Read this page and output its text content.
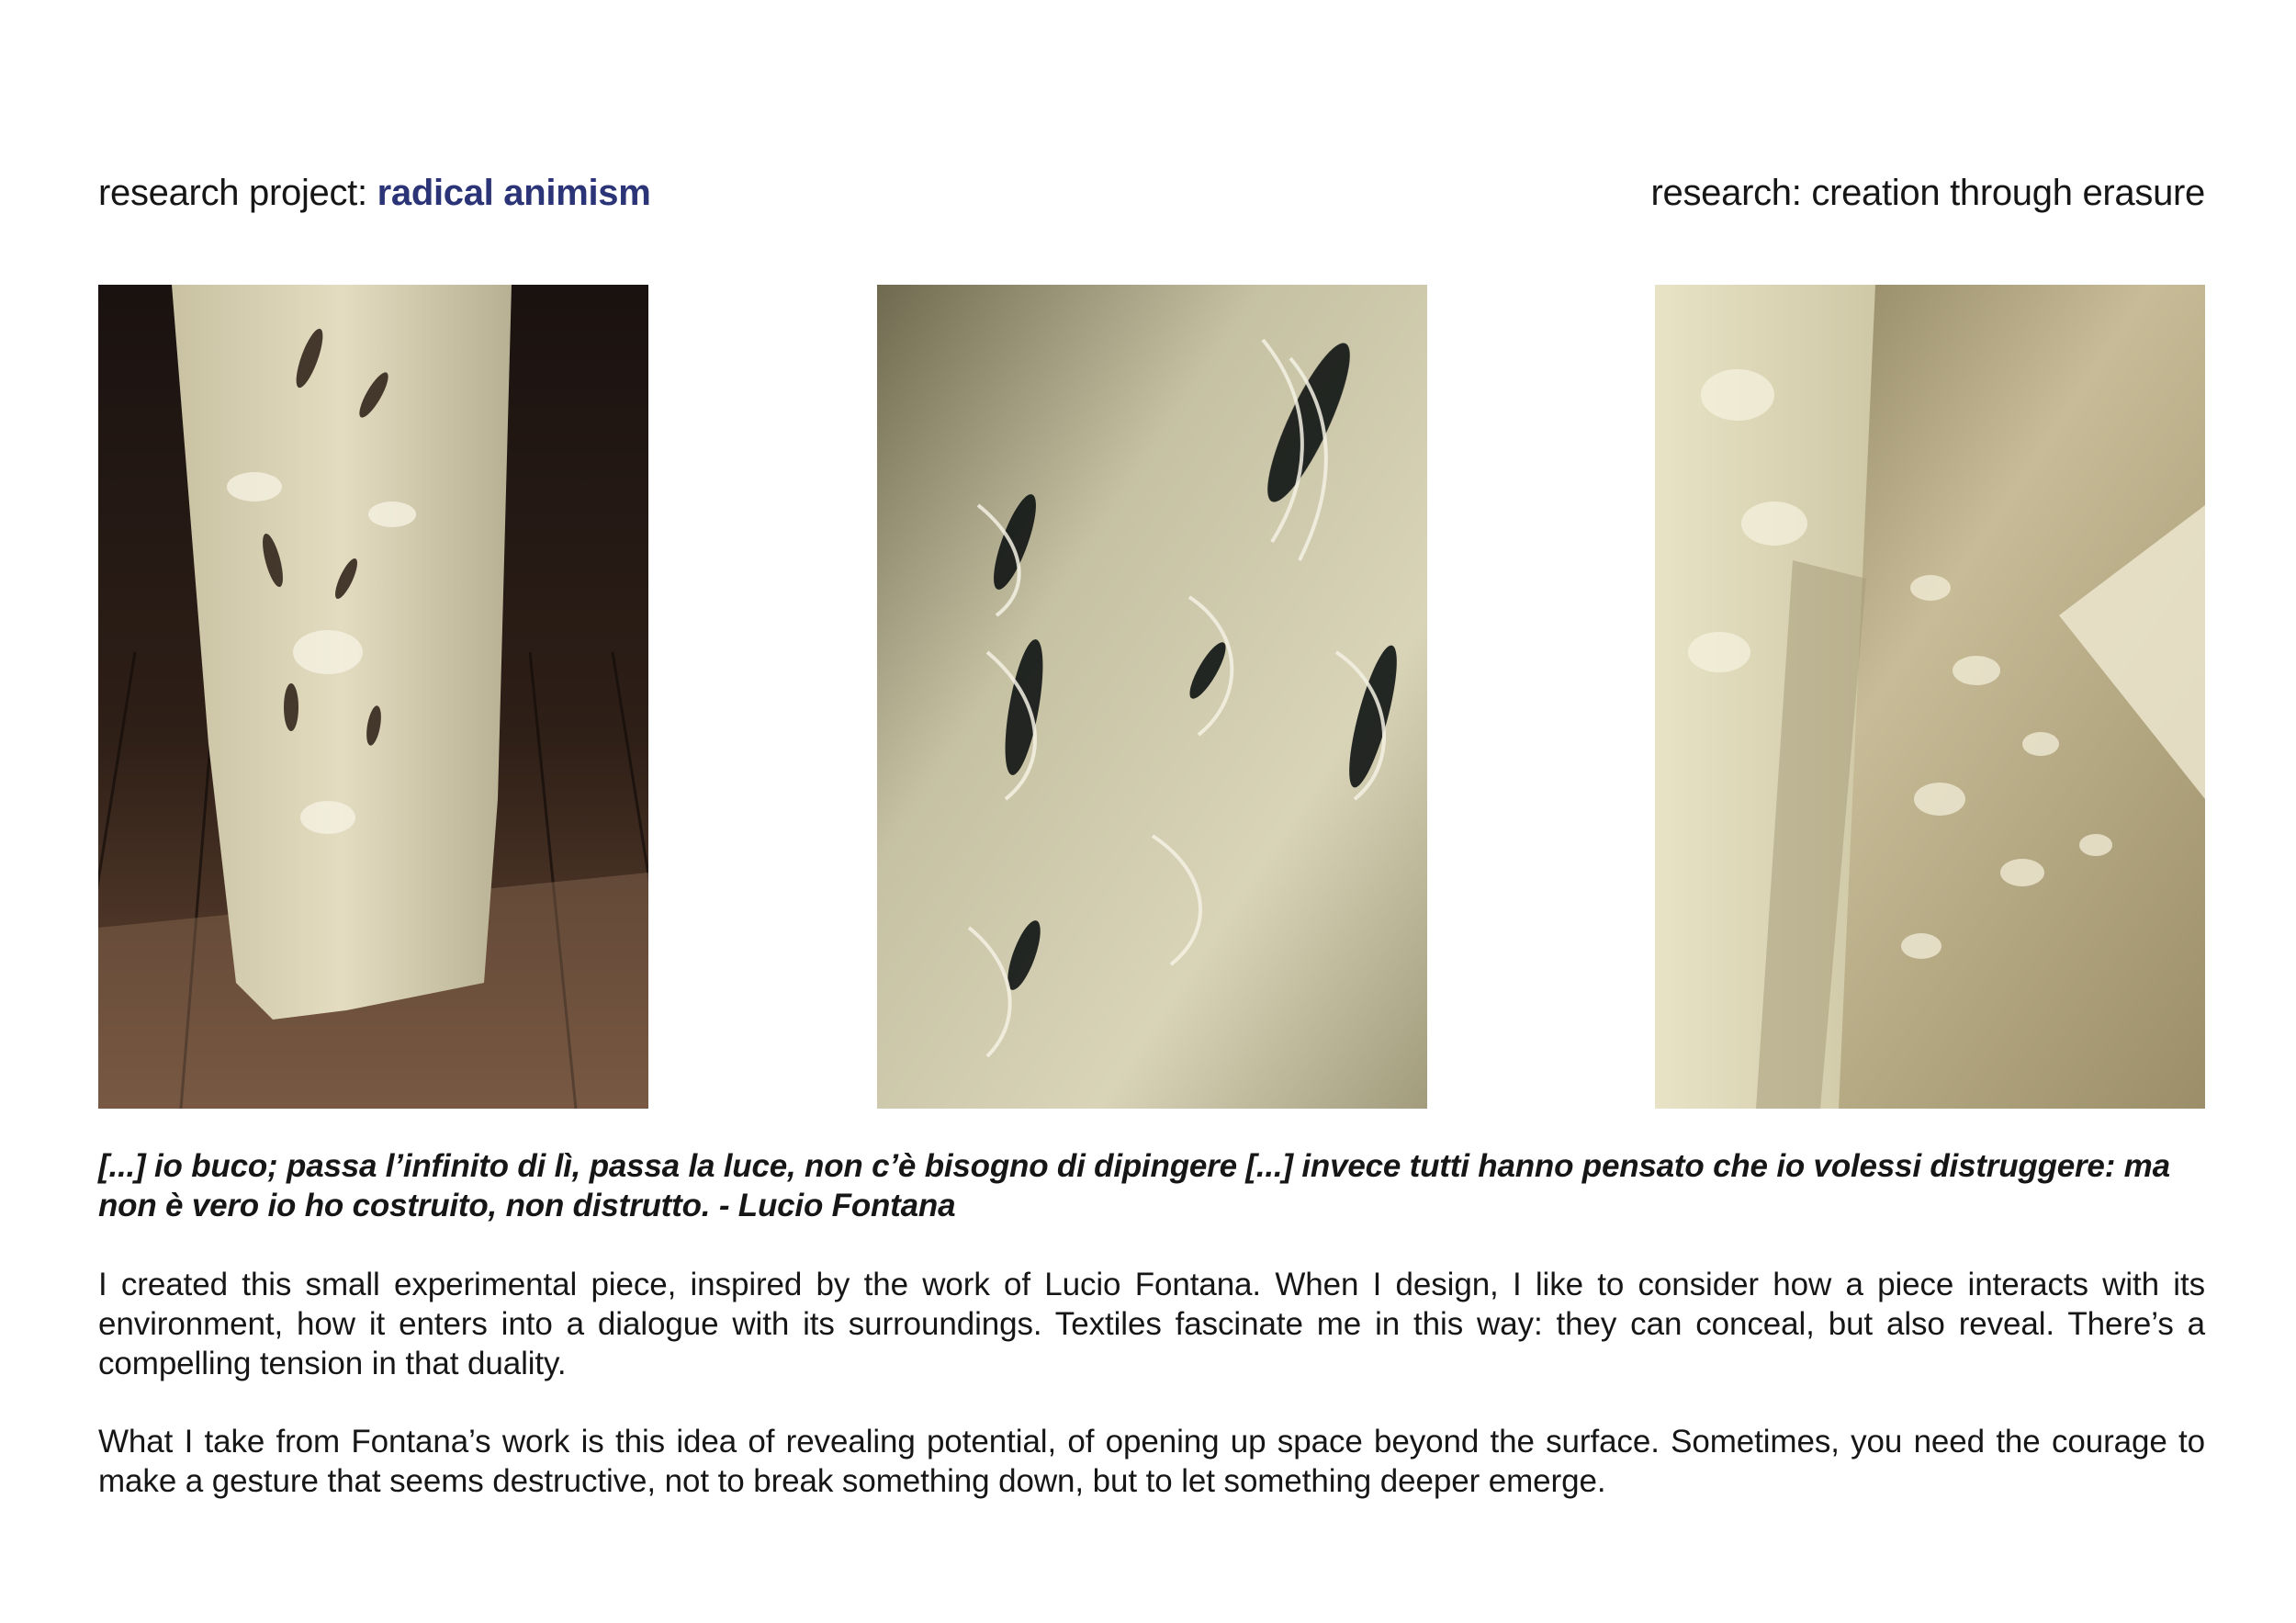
research project: radical animism	research: creation through erasure
[...] io buco; passa l’infinito di lì, passa la luce, non c’è bisogno di dipingere [...] invece tutti hanno pensato che io volessi distruggere: ma non è vero io ho costruito, non distrutto. - Lucio Fontana

I created this small experimental piece, inspired by the work of Lucio Fontana. When I design, I like to consider how a piece interacts with its environment, how it enters into a dialogue with its surroundings. Textiles fascinate me in this way: they can conceal, but also reveal. There’s a compelling tension in that duality.

What I take from Fontana’s work is this idea of revealing potential, of opening up space beyond the surface. Sometimes, you need the courage to make a gesture that seems destructive, not to break something down, but to let something deeper emerge.
